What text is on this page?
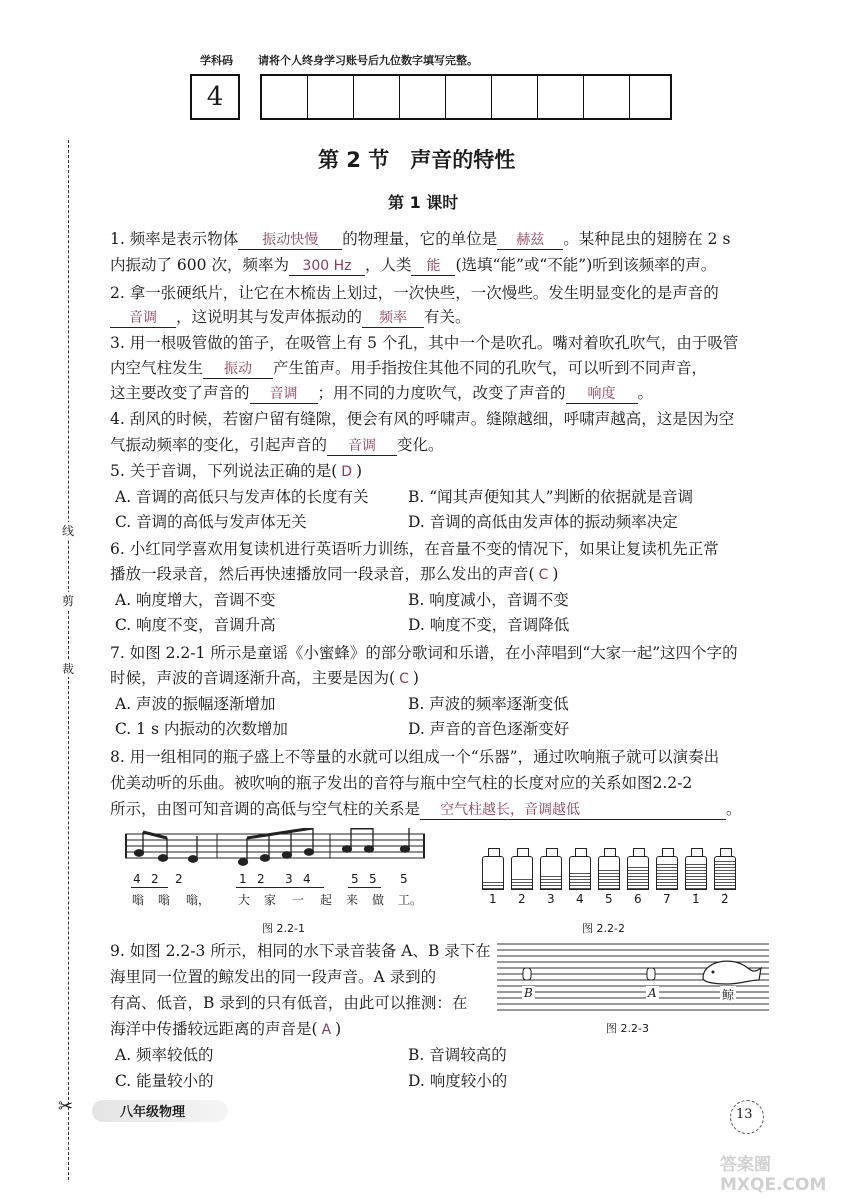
学科码 请将个人终身学习账号后九位数字填写完整。
4
线
剪
裁
✂
第 2 节　声音的特性
第 1 课时
1. 频率是表示物体 振动快慢 的物理量，它的单位是 赫兹 。某种昆虫的翅膀在 2 s
内振动了 600 次，频率为 300 Hz ，人类 能 (选填“能”或“不能”)听到该频率的声。
2. 拿一张硬纸片，让它在木梳齿上划过，一次快些，一次慢些。发生明显变化的是声音的
音调 ，这说明其与发声体振动的 频率 有关。
3. 用一根吸管做的笛子，在吸管上有 5 个孔，其中一个是吹孔。嘴对着吹孔吹气，由于吸管
内空气柱发生 振动 产生笛声。用手指按住其他不同的孔吹气，可以听到不同声音，
这主要改变了声音的 音调 ；用不同的力度吹气，改变了声音的 响度 。
4. 刮风的时候，若窗户留有缝隙，便会有风的呼啸声。缝隙越细，呼啸声越高，这是因为空
气振动频率的变化，引起声音的 音调 变化。
5. 关于音调，下列说法正确的是( D )
A. 音调的高低只与发声体的长度有关	B. “闻其声便知其人”判断的依据就是音调
C. 音调的高低与发声体无关	D. 音调的高低由发声体的振动频率决定
6. 小红同学喜欢用复读机进行英语听力训练，在音量不变的情况下，如果让复读机先正常
播放一段录音，然后再快速播放同一段录音，那么发出的声音( C )
A. 响度增大，音调不变	B. 响度减小，音调不变
C. 响度不变，音调升高	D. 响度不变，音调降低
7. 如图 2.2-1 所示是童谣《小蜜蜂》的部分歌词和乐谱，在小萍唱到“大家一起”这四个字的
时候，声波的音调逐渐升高，主要是因为( C )
A. 声波的振幅逐渐增加	B. 声波的频率逐渐变低
C. 1 s 内振动的次数增加	D. 声音的音色逐渐变好
8. 用一组相同的瓶子盛上不等量的水就可以组成一个“乐器”，通过吹响瓶子就可以演奏出
优美动听的乐曲。被吹响的瓶子发出的音符与瓶中空气柱的长度对应的关系如图2.2-2
所示，由图可知音调的高低与空气柱的关系是 空气柱越长，音调越低	。
4 2 2	1 2 3 4	5 5 5
嗡 嗡 嗡， 大 家 一 起 来 做 工。
图 2.2-1
1 2 3 4 5 6 7 1̇ 2̇
图 2.2-2
9. 如图 2.2-3 所示，相同的水下录音装备 A、B 录下在
海里同一位置的鲸发出的同一段声音。A 录到的
有高、低音，B 录到的只有低音，由此可以推测：在
海洋中传播较远距离的声音是( A )
A. 频率较低的	B. 音调较高的
C. 能量较小的	D. 响度较小的
B	A	鲸
图 2.2-3
八年级物理	13
答案圈 MXQE.COM
